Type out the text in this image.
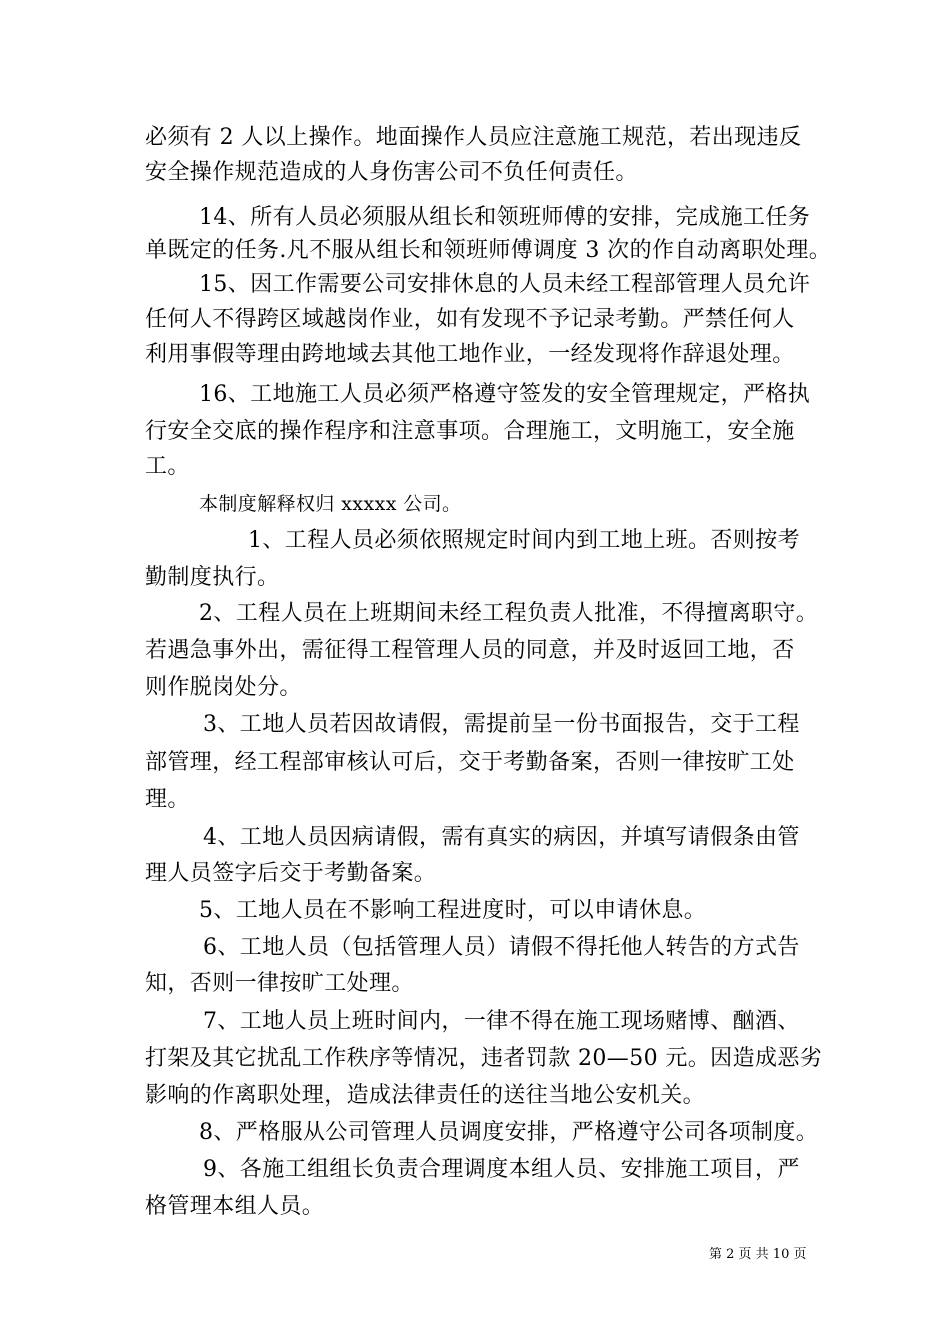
必须有 2 人以上操作。地面操作人员应注意施工规范，若出现违反
安全操作规范造成的人身伤害公司不负任何责任。
14、所有人员必须服从组长和领班师傅的安排，完成施工任务
单既定的任务.凡不服从组长和领班师傅调度 3 次的作自动离职处理。
15、因工作需要公司安排休息的人员未经工程部管理人员允许
任何人不得跨区域越岗作业，如有发现不予记录考勤。严禁任何人
利用事假等理由跨地域去其他工地作业，一经发现将作辞退处理。
16、工地施工人员必须严格遵守签发的安全管理规定，严格执
行安全交底的操作程序和注意事项。合理施工，文明施工，安全施
工。
本制度解释权归 xxxxx 公司。
1、工程人员必须依照规定时间内到工地上班。否则按考
勤制度执行。
2、工程人员在上班期间未经工程负责人批准，不得擅离职守。
若遇急事外出，需征得工程管理人员的同意，并及时返回工地，否
则作脱岗处分。
3、工地人员若因故请假，需提前呈一份书面报告，交于工程
部管理，经工程部审核认可后，交于考勤备案，否则一律按旷工处
理。
4、工地人员因病请假，需有真实的病因，并填写请假条由管
理人员签字后交于考勤备案。
5、工地人员在不影响工程进度时，可以申请休息。
6、工地人员（包括管理人员）请假不得托他人转告的方式告
知，否则一律按旷工处理。
7、工地人员上班时间内，一律不得在施工现场赌博、酗酒、
打架及其它扰乱工作秩序等情况，违者罚款 20—50 元。因造成恶劣
影响的作离职处理，造成法律责任的送往当地公安机关。
8、严格服从公司管理人员调度安排，严格遵守公司各项制度。
9、各施工组组长负责合理调度本组人员、安排施工项目，严
格管理本组人员。
第 2 页 共 10 页
